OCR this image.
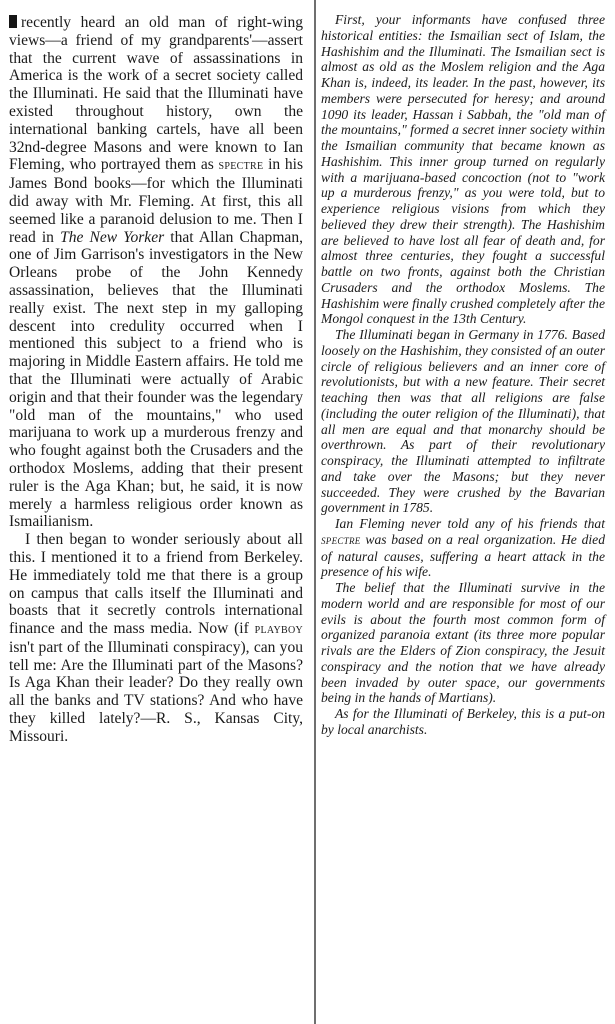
recently heard an old man of right-wing views—a friend of my grandparents'—assert that the current wave of assassinations in America is the work of a secret society called the Illuminati. He said that the Illuminati have existed throughout history, own the international banking cartels, have all been 32nd-degree Masons and were known to Ian Fleming, who portrayed them as spectre in his James Bond books—for which the Illuminati did away with Mr. Fleming. At first, this all seemed like a paranoid delusion to me. Then I read in The New Yorker that Allan Chapman, one of Jim Garrison's investigators in the New Orleans probe of the John Kennedy assassination, believes that the Illuminati really exist. The next step in my galloping descent into credulity occurred when I mentioned this subject to a friend who is majoring in Middle Eastern affairs. He told me that the Illuminati were actually of Arabic origin and that their founder was the legendary "old man of the mountains," who used marijuana to work up a murderous frenzy and who fought against both the Crusaders and the orthodox Moslems, adding that their present ruler is the Aga Khan; but, he said, it is now merely a harmless religious order known as Ismailianism.

I then began to wonder seriously about all this. I mentioned it to a friend from Berkeley. He immediately told me that there is a group on campus that calls itself the Illuminati and boasts that it secretly controls international finance and the mass media. Now (if playboy isn't part of the Illuminati conspiracy), can you tell me: Are the Illuminati part of the Masons? Is Aga Khan their leader? Do they really own all the banks and TV stations? And who have they killed lately?—R. S., Kansas City, Missouri.

First, your informants have confused three historical entities: the Ismailian sect of Islam, the Hashishim and the Illuminati. The Ismailian sect is almost as old as the Moslem religion and the Aga Khan is, indeed, its leader. In the past, however, its members were persecuted for heresy; and around 1090 its leader, Hassan i Sabbah, the "old man of the mountains," formed a secret inner society within the Ismailian community that became known as Hashishim. This inner group turned on regularly with a marijuana-based concoction (not to "work up a murderous frenzy," as you were told, but to experience religious visions from which they believed they drew their strength). The Hashishim are believed to have lost all fear of death and, for almost three centuries, they fought a successful battle on two fronts, against both the Christian Crusaders and the orthodox Moslems. The Hashishim were finally crushed completely after the Mongol conquest in the 13th Century.

The Illuminati began in Germany in 1776. Based loosely on the Hashishim, they consisted of an outer circle of religious believers and an inner core of revolutionists, but with a new feature. Their secret teaching then was that all religions are false (including the outer religion of the Illuminati), that all men are equal and that monarchy should be overthrown. As part of their revolutionary conspiracy, the Illuminati attempted to infiltrate and take over the Masons; but they never succeeded. They were crushed by the Bavarian government in 1785.

Ian Fleming never told any of his friends that spectre was based on a real organization. He died of natural causes, suffering a heart attack in the presence of his wife.

The belief that the Illuminati survive in the modern world and are responsible for most of our evils is about the fourth most common form of organized paranoia extant (its three more popular rivals are the Elders of Zion conspiracy, the Jesuit conspiracy and the notion that we have already been invaded by outer space, our governments being in the hands of Martians).

As for the Illuminati of Berkeley, this is a put-on by local anarchists.
